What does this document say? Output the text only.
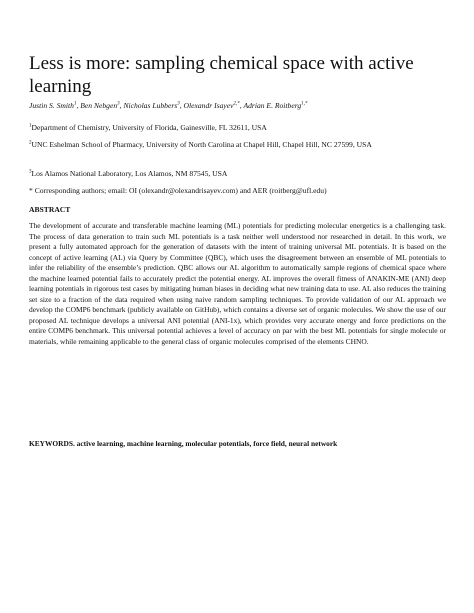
Less is more: sampling chemical space with active learning
Justin S. Smith$^1$, Ben Nebgen$^3$, Nicholas Lubbers$^3$, Olexandr Isayev$^{2,*}$, Adrian E. Roitberg$^{1,*}$
$^1$Department of Chemistry, University of Florida, Gainesville, FL 32611, USA
$^2$UNC Eshelman School of Pharmacy, University of North Carolina at Chapel Hill, Chapel Hill, NC 27599, USA
$^3$Los Alamos National Laboratory, Los Alamos, NM 87545, USA
* Corresponding authors; email: OI (olexandr@olexandrisayev.com) and AER (roitberg@ufl.edu)
ABSTRACT

The development of accurate and transferable machine learning (ML) potentials for predicting molecular energetics is a challenging task. The process of data generation to train such ML potentials is a task neither well understood nor researched in detail. In this work, we present a fully automated approach for the generation of datasets with the intent of training universal ML potentials. It is based on the concept of active learning (AL) via Query by Committee (QBC), which uses the disagreement between an ensemble of ML potentials to infer the reliability of the ensemble’s prediction. QBC allows our AL algorithm to automatically sample regions of chemical space where the machine learned potential fails to accurately predict the potential energy. AL improves the overall fitness of ANAKIN-ME (ANI) deep learning potentials in rigorous test cases by mitigating human biases in deciding what new training data to use. AL also reduces the training set size to a fraction of the data required when using naive random sampling techniques. To provide validation of our AL approach we develop the COMP6 benchmark (publicly available on GitHub), which contains a diverse set of organic molecules. We show the use of our proposed AL technique develops a universal ANI potential (ANI-1x), which provides very accurate energy and force predictions on the entire COMP6 benchmark. This universal potential achieves a level of accuracy on par with the best ML potentials for single molecule or materials, while remaining applicable to the general class of organic molecules comprised of the elements CHNO.

KEYWORDS. active learning, machine learning, molecular potentials, force field, neural network
